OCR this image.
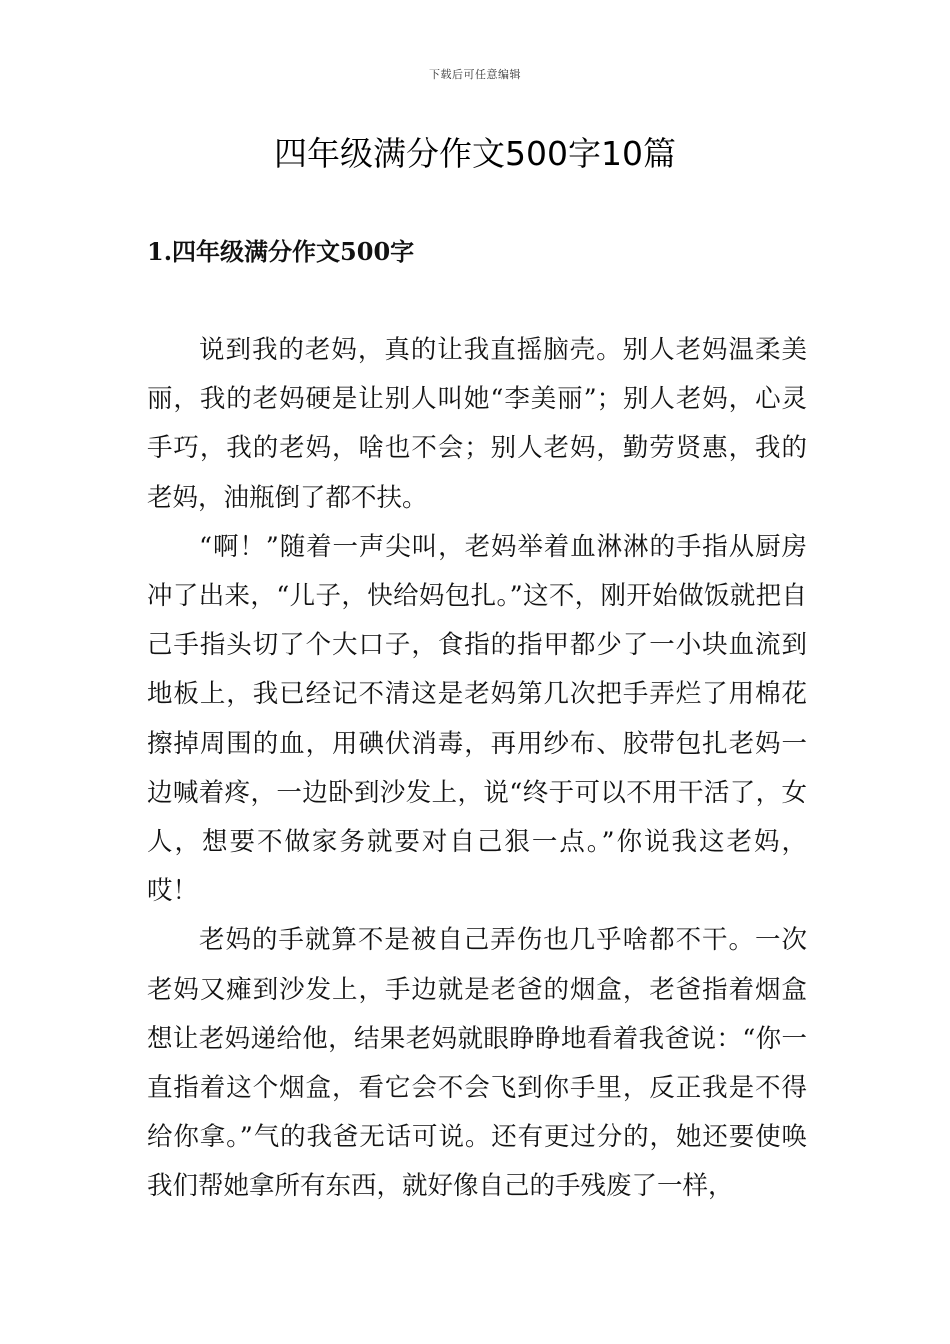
下载后可任意编辑
四年级满分作文500字10篇
1.四年级满分作文500字

说到我的老妈，真的让我直摇脑壳。别人老妈温柔美丽，我的老妈硬是让别人叫她“李美丽”；别人老妈，心灵手巧，我的老妈，啥也不会；别人老妈，勤劳贤惠，我的老妈，油瓶倒了都不扶。

“啊！”随着一声尖叫，老妈举着血淋淋的手指从厨房冲了出来，“儿子，快给妈包扎。”这不，刚开始做饭就把自己手指头切了个大口子，食指的指甲都少了一小块血流到地板上，我已经记不清这是老妈第几次把手弄烂了用棉花擦掉周围的血，用碘伏消毒，再用纱布、胶带包扎老妈一边喊着疼，一边卧到沙发上，说“终于可以不用干活了，女人，想要不做家务就要对自己狠一点。”你说我这老妈，哎！

老妈的手就算不是被自己弄伤也几乎啥都不干。一次老妈又瘫到沙发上，手边就是老爸的烟盒，老爸指着烟盒想让老妈递给他，结果老妈就眼睁睁地看着我爸说：“你一直指着这个烟盒，看它会不会飞到你手里，反正我是不得给你拿。”气的我爸无话可说。还有更过分的，她还要使唤我们帮她拿所有东西，就好像自己的手残废了一样，
